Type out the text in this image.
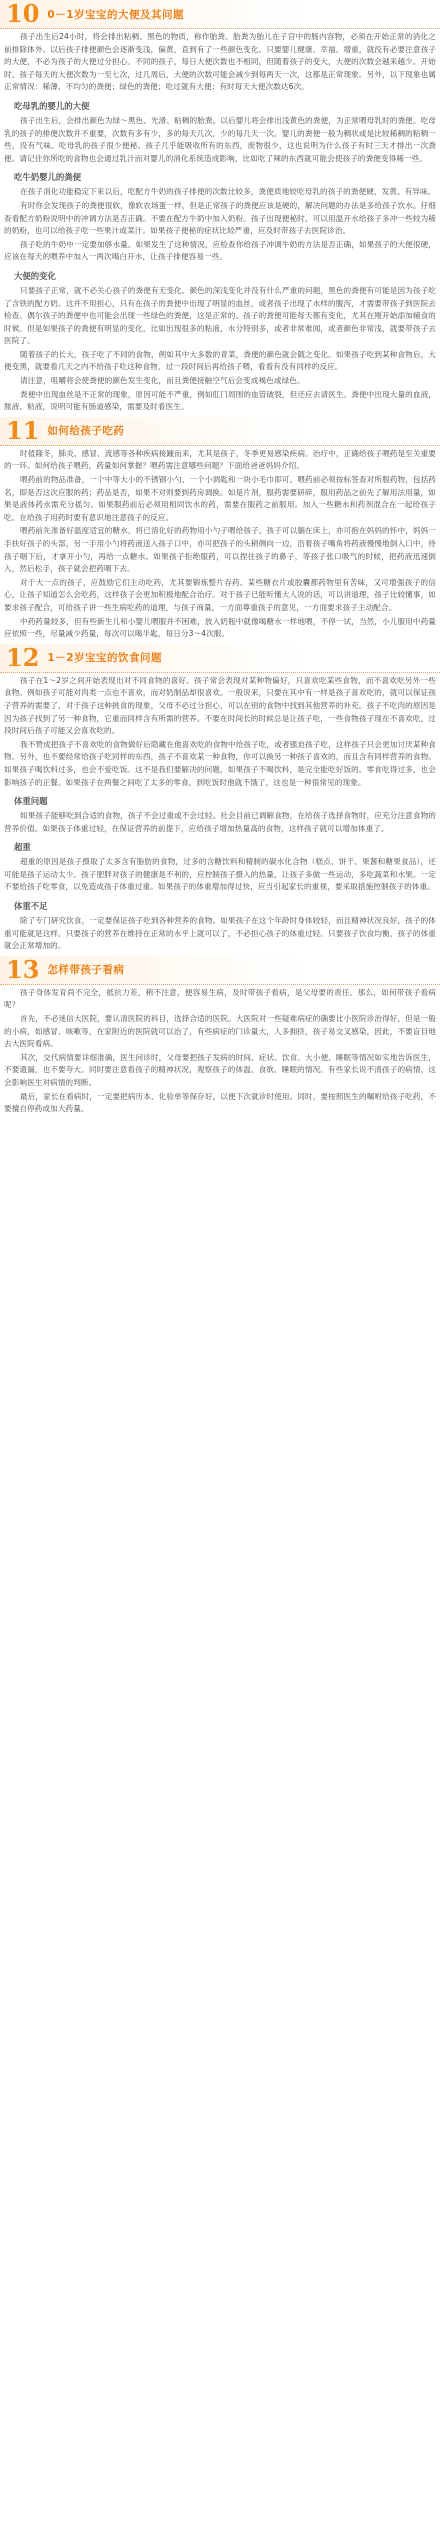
10 0－1岁宝宝的大便及其问题
孩子出生后24小时，将会排出粘稠、黑色的物质，称作胎粪。胎粪为胎儿在子宫中的肠内容物，必须在开始正常的消化之前排除体外。以后孩子排便颜色会逐渐变浅，偏黄，直到有了一些颜色变化。只要婴儿健康、幸福、增重，就没有必要注意孩子的大便，不必为孩子的大便过分担心。不同的孩子，每日大便次数也不相同，但随着孩子的变大，大便的次数会越来越少。开始时，孩子每天的大便次数为一至七次，过几周后，大便的次数可能会减少到每两天一次，这都是正常现象。另外，以下现象也属正常情况：稀薄、不均匀的粪便；绿色的粪便；吃过就有大便；有时每天大便次数达6次。
吃母乳的婴儿的大便
孩子出生后，会排出颜色为绿～黑色、光滑、粘稠的胎粪。以后婴儿将会排出浅黄色的粪便，为正常喂母乳时的粪便。吃母乳的孩子的排便次数并不重要，次数有多有少，多的每天几次，少的每几天一次。婴儿的粪便一般为稠状或是比较稀稠的粘稠一些，没有气味。吃母乳的孩子很少便秘。孩子几乎能吸收所有的东西，废物很少，这也说明为什么孩子有时三天才排出一次粪便。请记住你所吃的食物也会通过乳汁而对婴儿的消化系统造成影响，比如吃了辣的东西就可能会使孩子的粪便变得稀一些。
吃牛奶婴儿的粪便
在孩子消化功能稳定下来以后，吃配方牛奶的孩子排便的次数比较多，粪便质地较吃母乳的孩子的粪便硬、发黄、有异味。
有时你会发现孩子的粪便很软，像软农场蛋一样，但是正常孩子的粪便应该是硬的，解决问题的办法是多给孩子饮水。仔细查看配方奶粉说明中的冲调方法是否正确。不要在配方牛奶中加入奶粉。孩子出现便秘时，可以用温开水给孩子多冲一些较为稀的奶粉，也可以给孩子吃一些果汁或菜汁。如果孩子便秘的症状比较严重，应及时带孩子去医院诊治。
孩子吃的牛奶中一定要加够水量。如果发生了这种情况，应检查你给孩子冲调牛奶的方法是否正确，如果孩子的大便很硬，应该在每天的喂养中加入一两次喝白开水，让孩子排便容易一些。
大便的变化
只要孩子正常，就不必关心孩子的粪便有无变化。颜色的深浅变化并没有什么严重的问题，黑色的粪便有可能是因为孩子吃了含铁的配方奶。这并不用担心，只有在孩子的粪便中出现了明显的血丝，或者孩子出现了水样的腹泻，才需要带孩子到医院去检查。偶尔孩子的粪便中也可能会出现一些绿色的粪便，这是正常的。孩子的粪便可能每天都有变化，尤其在刚开始添加辅食的时候。但是如果孩子的粪便有明显的变化，比如出现很多的粘液，水分特别多，或者非常难闻，或者颜色非常浅，就要带孩子去医院了。
随着孩子的长大，孩子吃了不同的食物，例如其中大多数的青菜，粪便的颜色就会随之变化。如果孩子吃到某种食物后，大便变黑，就要看几天之内不给孩子吃这种食物，过一段时间后再给孩子喂，看看有没有同样的反应。
请注意，咀嚼将会使粪便的颜色发生变化，而且粪便接触空气后会变成褐色或绿色。
粪便中出现血丝是不正常的现象，原因可能不严重，例如肛门周围的血管破裂，但还应去请医生。粪便中出现大量的血液，脓液、粘液，说明可能有肠道感染，需要及时看医生。
11 如何给孩子吃药
时值隆冬，肺炎、感冒、流感等各种疾病接踵而来，尤其是孩子，冬季更易感染疾病。治疗中，正确给孩子喂药是至关重要的一环。如何给孩子喂药，药量如何掌握？喂药需注意哪些问题？下面给爸爸妈妈介绍。
喂药前的物品准备，一个中等大小的不锈钢小勺、一个小调匙和一块小毛巾即可。喂药前必须按标签查对所服药物，包括药名，即是否这次应服的药；药品是否，如果不对则要到药房调换。如是片剂，服药需要研碎，服用药品之前先了解用法用量，如果是液体药水需充分摇匀。如果服药前后必须用相同饮水的药，需要在服药之前服用。加入一些糖水和药剂混合在一起给孩子吃。在给孩子用药时要有意识地注意孩子的反应。
喂药前先准备好温度适宜的糖水，将已溶化好的药物用小勺子喂给孩子。孩子可以躺在床上，亦可抱在妈妈的怀中，妈妈一手扶好孩子的头部，另一手用小勺将药液送入孩子口中，亦可把孩子的头稍侧向一边，沿着孩子嘴角将药液慢慢地倒入口中，待孩子咽下后，才拿开小勺，再给一点糖水。如果孩子拒绝服药，可以捏住孩子的鼻子，等孩子张口吸气的时候，把药液迅速倒入，然后松手，孩子就会把药咽下去。
对于大一点的孩子，应鼓励它们主动吃药，尤其要锻炼整片吞药。某些糖衣片或胶囊都药物里有苦味，又可增强孩子的信心，让孩子知道怎么会吃药，这样孩子会更加积极地配合治疗。对于孩子已能听懂大人说的话，可以讲道理，孩子比较懂事，如要求孩子配合，可给孩子讲一些生病吃药的道理，与孩子商量，一方面尊重孩子的意见，一方面要求孩子主动配合。
中药药量较多，但有些新生儿和小婴儿喂服并不困难，放入奶瓶中就像喝糖水一样地喂，不停一试，当然，小儿服用中药量应依照一些，尽量减少药量，每次可以喝半匙，每日分3～4次服。
12 1－2岁宝宝的饮食问题
孩子在1～2岁之间开始表现出对不同食物的喜好。孩子常会表现对某种物偏好，只喜欢吃某些食物，而不喜欢吃另外一些食物。例如孩子可能对肉类一点也不喜欢，而对奶制品却很喜欢。一般说来，只要在其中有一样是孩子喜欢吃的，就可以保证孩子营养的需要了，对于孩子这种挑食的现象，父母不必过分担心，可以在别的食物中找到其他营养的补充。孩子不吃肉的原因是因为孩子找到了另一种食物，它重而同样含有所需的营养。不要在时间长的时候总是让孩子吃，一些食物孩子现在不喜欢吃，过段时间后孩子可能又会喜欢吃的。
我不赞成把孩子不喜欢吃的食物做好后隐藏在他喜欢吃的食物中给孩子吃，或者强迫孩子吃，这样孩子只会更加讨厌某种食物。另外，也不要经常给孩子吃同样的东西，孩子不喜欢某一种食物，你可以换另一种孩子喜欢的，而且含有同样营养的食物。如果孩子喝饮料过多，也会不爱吃饭。这不是我们要解决的问题，如果孩子不喝饮料，是完全能吃好饭的。零食吃得过多，也会影响孩子的正餐。如果孩子在两餐之间吃了太多的零食，到吃饭时他就不饿了，这也是一种很常见的现象。
体重问题
如果孩子能够吃到合适的食物，孩子不会过重或不会过轻。社会目前已调解食物，在给孩子选择食物时，应充分注意食物的营养价值。如果孩子体重过轻，在保证营养的前提下，应给孩子增加热量高的食物，这样孩子就可以增加体重了。
超重
超重的原因是孩子摄取了太多含有脂肪的食物，过多的含糖饮料和精制的碳水化合物（糕点、饼干、果酱和糖果食品），还可能是孩子运动太少。孩子肥胖对孩子的健康是不利的，应控制孩子摄入的热量，让孩子多做一些运动，多吃蔬菜和水果。一定不要给孩子吃零食，以免造成孩子体重过重。如果孩子的体重增加得过快，应当引起家长的重视，要采取措施控制孩子的体重。
体重不足
除了专门研究饮食，一定要保证孩子吃到各种营养的食物。如果孩子在这个年龄时身体较轻，而且精神状况良好，孩子的体重可能就是这样。只要孩子的营养在维持在正常的水平上就可以了，不必担心孩子的体重过轻。只要孩子饮食均衡，孩子的体重就会正常增加的。
13 怎样带孩子看病
孩子身体发育尚不完全，抵抗力差，稍不注意，便容易生病，及时带孩子看病，是父母要的责任。那么，如何带孩子看病呢？
首先，不必迷信大医院，要认清医院的科目，选择合适的医院。大医院对一些疑难病症的确要比小医院诊治得好，但是一般的小病，如感冒、咳嗽等，在家附近的医院就可以治了，有些病症的门诊量大，人多拥挤，孩子易交叉感染，因此，不要盲目地去大医院看病。
其次，交代病情要详细准确，医生问诊时，父母要把孩子发病的时间、症状、饮食、大小便、睡眠等情况如实地告诉医生，不要遗漏，也不要夸大。同时要注意看孩子的精神状况，观察孩子的体温、食欲、睡眠的情况。有些家长说不清孩子的病情，这会影响医生对病情的判断。
最后，家长在看病时，一定要把病历本、化验单等保存好，以便下次就诊时使用。同时，要按照医生的嘱咐给孩子吃药，不要擅自停药或加大药量。
